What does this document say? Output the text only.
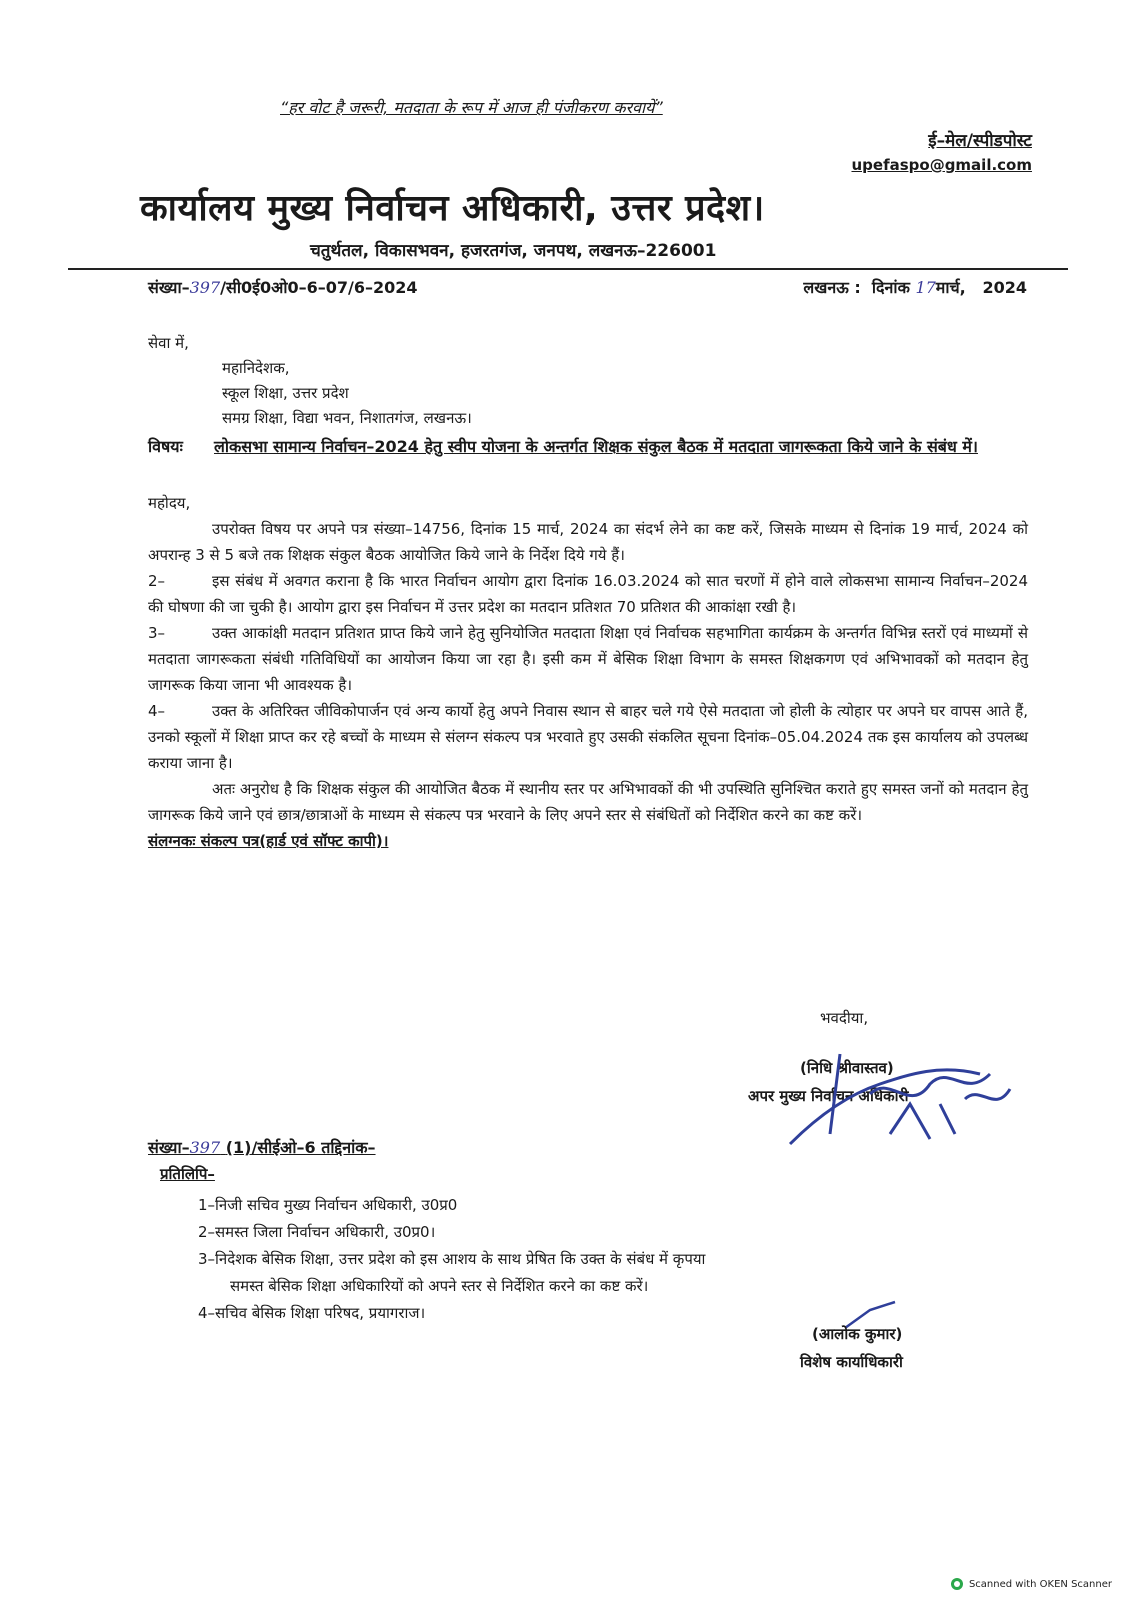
“हर वोट है जरूरी, मतदाता के रूप में आज ही पंजीकरण करवायें”
ई–मेल/स्पीडपोस्ट
upefaspo@gmail.com
कार्यालय मुख्य निर्वाचन अधिकारी, उत्तर प्रदेश।
चतुर्थतल, विकासभवन, हजरतगंज, जनपथ, लखनऊ–226001
संख्या–397/सी0ई0ओ0–6–07/6–2024	लखनऊ : दिनांक 17मार्च, 2024
सेवा में,
महानिदेशक,
स्कूल शिक्षा, उत्तर प्रदेश
समग्र शिक्षा, विद्या भवन, निशातगंज, लखनऊ।
विषयः लोकसभा सामान्य निर्वाचन–2024 हेतु स्वीप योजना के अन्तर्गत शिक्षक संकुल बैठक में मतदाता जागरूकता किये जाने के संबंध में।

महोदय,

उपरोक्त विषय पर अपने पत्र संख्या–14756, दिनांक 15 मार्च, 2024 का संदर्भ लेने का कष्ट करें, जिसके माध्यम से दिनांक 19 मार्च, 2024 को अपरान्ह 3 से 5 बजे तक शिक्षक संकुल बैठक आयोजित किये जाने के निर्देश दिये गये हैं।

2–	इस संबंध में अवगत कराना है कि भारत निर्वाचन आयोग द्वारा दिनांक 16.03.2024 को सात चरणों में होने वाले लोकसभा सामान्य निर्वाचन–2024 की घोषणा की जा चुकी है। आयोग द्वारा इस निर्वाचन में उत्तर प्रदेश का मतदान प्रतिशत 70 प्रतिशत की आकांक्षा रखी है।
3–	उक्त आकांक्षी मतदान प्रतिशत प्राप्त किये जाने हेतु सुनियोजित मतदाता शिक्षा एवं निर्वाचक सहभागिता कार्यक्रम के अन्तर्गत विभिन्न स्तरों एवं माध्यमों से मतदाता जागरूकता संबंधी गतिविधियों का आयोजन किया जा रहा है। इसी कम में बेसिक शिक्षा विभाग के समस्त शिक्षकगण एवं अभिभावकों को मतदान हेतु जागरूक किया जाना भी आवश्यक है।
4–	उक्त के अतिरिक्त जीविकोपार्जन एवं अन्य कार्यो हेतु अपने निवास स्थान से बाहर चले गये ऐसे मतदाता जो होली के त्योहार पर अपने घर वापस आते हैं, उनको स्कूलों में शिक्षा प्राप्त कर रहे बच्चों के माध्यम से संलग्न संकल्प पत्र भरवाते हुए उसकी संकलित सूचना दिनांक–05.04.2024 तक इस कार्यालय को उपलब्ध कराया जाना है।

अतः अनुरोध है कि शिक्षक संकुल की आयोजित बैठक में स्थानीय स्तर पर अभिभावकों की भी उपस्थिति सुनिश्चित कराते हुए समस्त जनों को मतदान हेतु जागरूक किये जाने एवं छात्र/छात्राओं के माध्यम से संकल्प पत्र भरवाने के लिए अपने स्तर से संबंधितों को निर्देशित करने का कष्ट करें।

संलग्नकः संकल्प पत्र(हार्ड एवं सॉफ्ट कापी)।

भवदीया,
(निधि श्रीवास्तव)
अपर मुख्य निर्वाचन अधिकारी
संख्या–397 (1)/सीईओ–6 तद्दिनांक–
प्रतिलिपि–
1–निजी सचिव मुख्य निर्वाचन अधिकारी, उ0प्र0
2–समस्त जिला निर्वाचन अधिकारी, उ0प्र0।
3–निदेशक बेसिक शिक्षा, उत्तर प्रदेश को इस आशय के साथ प्रेषित कि उक्त के संबंध में कृपया
समस्त बेसिक शिक्षा अधिकारियों को अपने स्तर से निर्देशित करने का कष्ट करें।
4–सचिव बेसिक शिक्षा परिषद, प्रयागराज।
(आलोक कुमार)
विशेष कार्याधिकारी
Scanned with OKEN Scanner
